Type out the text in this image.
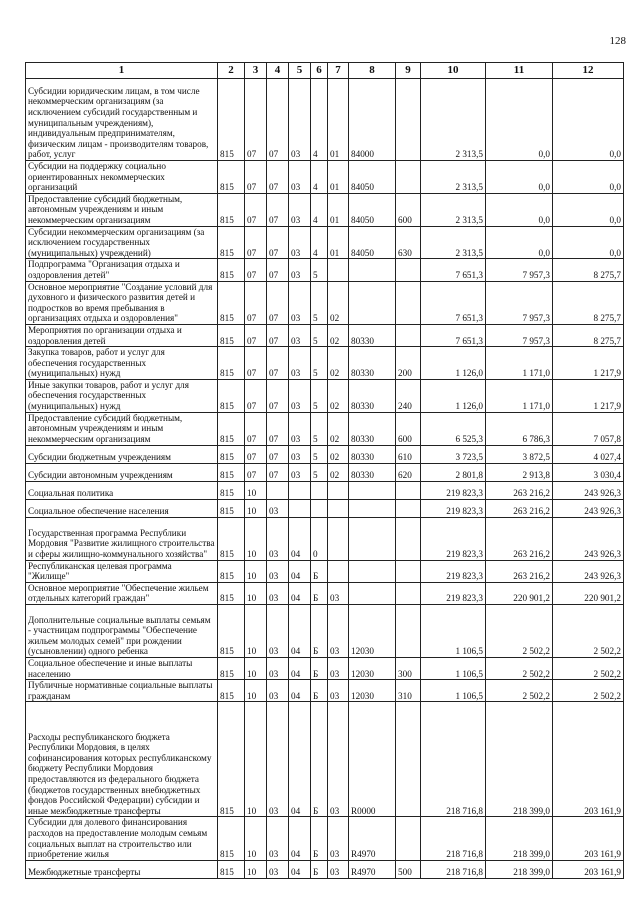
128
1	2	3	4	5	6	7	8	9	10	11	12
Субсидии юридическим лицам, в том числе некоммерческим организациям (за исключением субсидий государственным и муниципальным учреждениям), индивидуальным предпринимателям, физическим лицам - производителям товаров, работ, услуг	815	07	07	03	4	01	84000		2 313,5	0,0	0,0
Субсидии на поддержку социально ориентированных некоммерческих организаций	815	07	07	03	4	01	84050		2 313,5	0,0	0,0
Предоставление субсидий бюджетным, автономным учреждениям и иным некоммерческим организациям	815	07	07	03	4	01	84050	600	2 313,5	0,0	0,0
Субсидии некоммерческим организациям (за исключением государственных (муниципальных) учреждений)	815	07	07	03	4	01	84050	630	2 313,5	0,0	0,0
Подпрограмма "Организация отдыха и оздоровления детей"	815	07	07	03	5				7 651,3	7 957,3	8 275,7
Основное мероприятие "Создание условий для духовного и физического развития детей и подростков во время пребывания в организациях отдыха и оздоровления"	815	07	07	03	5	02			7 651,3	7 957,3	8 275,7
Мероприятия по организации отдыха и оздоровления детей	815	07	07	03	5	02	80330		7 651,3	7 957,3	8 275,7
Закупка товаров, работ и услуг для обеспечения государственных (муниципальных) нужд	815	07	07	03	5	02	80330	200	1 126,0	1 171,0	1 217,9
Иные закупки товаров, работ и услуг для обеспечения государственных (муниципальных) нужд	815	07	07	03	5	02	80330	240	1 126,0	1 171,0	1 217,9
Предоставление субсидий бюджетным, автономным учреждениям и иным некоммерческим организациям	815	07	07	03	5	02	80330	600	6 525,3	6 786,3	7 057,8
Субсидии бюджетным учреждениям	815	07	07	03	5	02	80330	610	3 723,5	3 872,5	4 027,4
Субсидии автономным учреждениям	815	07	07	03	5	02	80330	620	2 801,8	2 913,8	3 030,4
Социальная политика	815	10							219 823,3	263 216,2	243 926,3
Социальное обеспечение населения	815	10	03						219 823,3	263 216,2	243 926,3
Государственная программа Республики Мордовия "Развитие жилищного строительства и сферы жилищно-коммунального хозяйства"	815	10	03	04	0				219 823,3	263 216,2	243 926,3
Республиканская целевая программа "Жилище"	815	10	03	04	Б				219 823,3	263 216,2	243 926,3
Основное мероприятие "Обеспечение жильем отдельных категорий граждан"	815	10	03	04	Б	03			219 823,3	220 901,2	220 901,2
Дополнительные социальные выплаты семьям - участницам подпрограммы "Обеспечение жильем молодых семей" при рождении (усыновлении) одного ребенка	815	10	03	04	Б	03	12030		1 106,5	2 502,2	2 502,2
Социальное обеспечение и иные выплаты населению	815	10	03	04	Б	03	12030	300	1 106,5	2 502,2	2 502,2
Публичные нормативные социальные выплаты гражданам	815	10	03	04	Б	03	12030	310	1 106,5	2 502,2	2 502,2
Расходы республиканского бюджета Республики Мордовия, в целях софинансирования которых республиканскому бюджету Республики Мордовия предоставляются из федерального бюджета (бюджетов государственных внебюджетных фондов Российской Федерации) субсидии и иные межбюджетные трансферты	815	10	03	04	Б	03	R0000		218 716,8	218 399,0	203 161,9
Субсидии для долевого финансирования расходов на предоставление молодым семьям социальных выплат на строительство или приобретение жилья	815	10	03	04	Б	03	R4970		218 716,8	218 399,0	203 161,9
Межбюджетные трансферты	815	10	03	04	Б	03	R4970	500	218 716,8	218 399,0	203 161,9
